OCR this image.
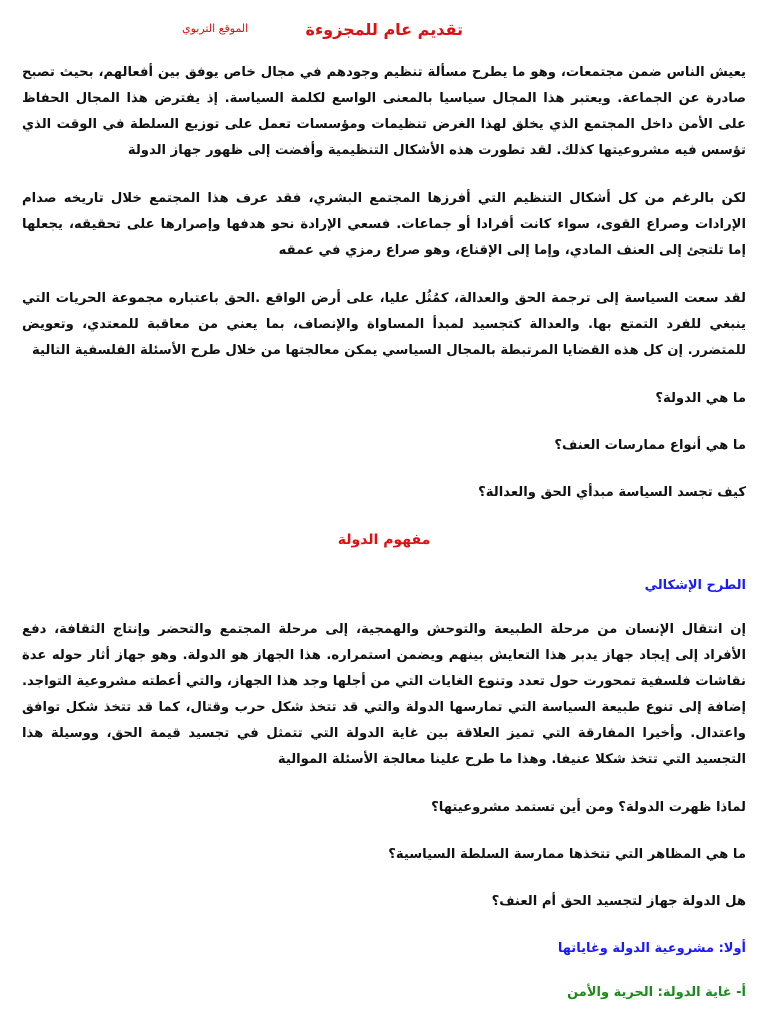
تقديم عام للمجزوءة
الموقع التربوي

يعيش الناس ضمن مجتمعات، وهو ما يطرح مسألة تنظيم وجودهم في مجال خاص يوفق بين أفعالهم، بحيث تصبح صادرة عن الجماعة. ويعتبر هذا المجال سياسيا بالمعنى الواسع لكلمة السياسة. إذ يفترض هذا المجال الحفاظ على الأمن داخل المجتمع الذي يخلق لهذا الغرض تنظيمات ومؤسسات تعمل على توزيع السلطة في الوقت الذي تؤسس فيه مشروعيتها كذلك. لقد تطورت هذه الأشكال التنظيمية وأفضت إلى ظهور جهاز الدولة

لكن بالرغم من كل أشكال التنظيم التي أفرزها المجتمع البشري، فقد عرف هذا المجتمع خلال تاريخه صدام الإرادات وصراع القوى، سواء كانت أفرادا أو جماعات. فسعي الإرادة نحو هدفها وإصرارها على تحقيقه، يجعلها إما تلتجئ إلى العنف المادي، وإما إلى الإقناع، وهو صراع رمزي في عمقه

لقد سعت السياسة إلى ترجمة الحق والعدالة، كمُثُل عليا، على أرض الواقع .الحق باعتباره مجموعة الحريات التي ينبغي للفرد التمتع بها. والعدالة كتجسيد لمبدأ المساواة والإنصاف، بما يعني من معاقبة للمعتدي، وتعويض للمتضرر. إن كل هذه القضايا المرتبطة بالمجال السياسي يمكن معالجتها من خلال طرح الأسئلة الفلسفية التالية

ما هي الدولة؟
ما هي أنواع ممارسات العنف؟
كيف تجسد السياسة مبدأي الحق والعدالة؟
مفهوم الدولة
الطرح الإشكالي

إن انتقال الإنسان من مرحلة الطبيعة والتوحش والهمجية، إلى مرحلة المجتمع والتحضر وإنتاج الثقافة، دفع الأفراد إلى إيجاد جهاز يدبر هذا التعايش بينهم ويضمن استمراره. هذا الجهاز هو الدولة. وهو جهاز أثار حوله عدة نقاشات فلسفية تمحورت حول تعدد وتنوع الغايات التي من أجلها وجد هذا الجهاز، والتي أعطته مشروعية التواجد. إضافة إلى تنوع طبيعة السياسة التي تمارسها الدولة والتي قد تتخذ شكل حرب وقتال، كما قد تتخذ شكل توافق واعتدال. وأخيرا المفارقة التي تميز العلاقة بين غاية الدولة التي تتمثل في تجسيد قيمة الحق، ووسيلة هذا التجسيد التي تتخذ شكلا عنيفا. وهذا ما طرح علينا معالجة الأسئلة الموالية

لماذا ظهرت الدولة؟ ومن أين تستمد مشروعيتها؟
ما هي المظاهر التي تتخذها ممارسة السلطة السياسية؟
هل الدولة جهاز لتجسيد الحق أم العنف؟
أولا: مشروعية الدولة وغاياتها
أ- غاية الدولة: الحرية والأمن
